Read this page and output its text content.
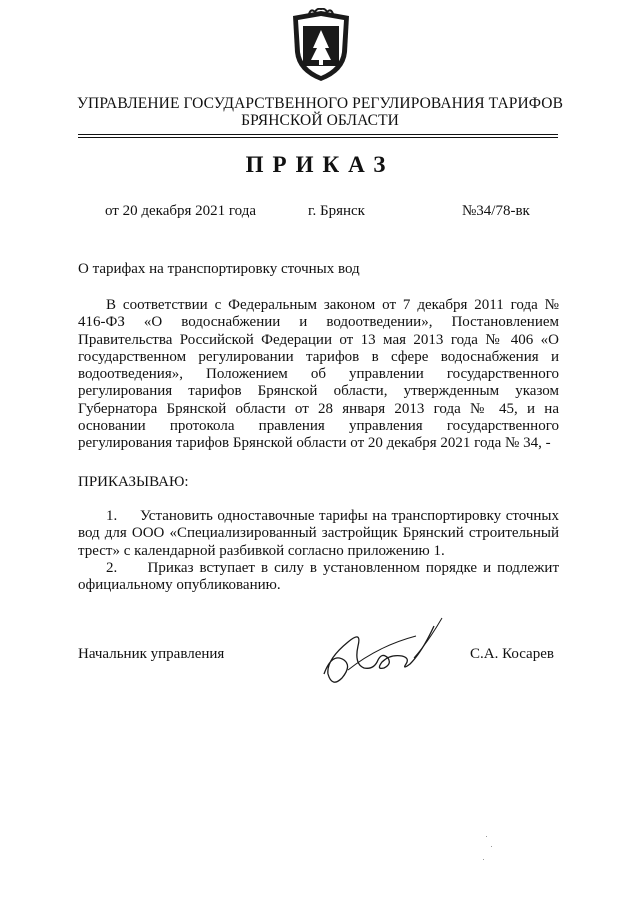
УПРАВЛЕНИЕ ГОСУДАРСТВЕННОГО РЕГУЛИРОВАНИЯ ТАРИФОВ
БРЯНСКОЙ ОБЛАСТИ
ПРИКАЗ
от 20 декабря 2021 года	г. Брянск	№34/78-вк
О тарифах на транспортировку сточных вод
В соответствии с Федеральным законом от 7 декабря 2011 года №
416-ФЗ «О водоснабжении и водоотведении», Постановлением
Правительства Российской Федерации от 13 мая 2013 года № 406 «О
государственном регулировании тарифов в сфере водоснабжения и
водоотведения», Положением об управлении государственного
регулирования тарифов Брянской области, утвержденным указом
Губернатора Брянской области от 28 января 2013 года № 45, и на
основании протокола правления управления государственного
регулирования тарифов Брянской области от 20 декабря 2021 года № 34, -
ПРИКАЗЫВАЮ:
1.     Установить одноставочные тарифы на транспортировку сточных
вод для ООО «Специализированный застройщик Брянский строительный
трест» с календарной разбивкой согласно приложению 1.
2.     Приказ вступает в силу в установленном порядке и подлежит
официальному опубликованию.
Начальник управления	С.А. Косарев
